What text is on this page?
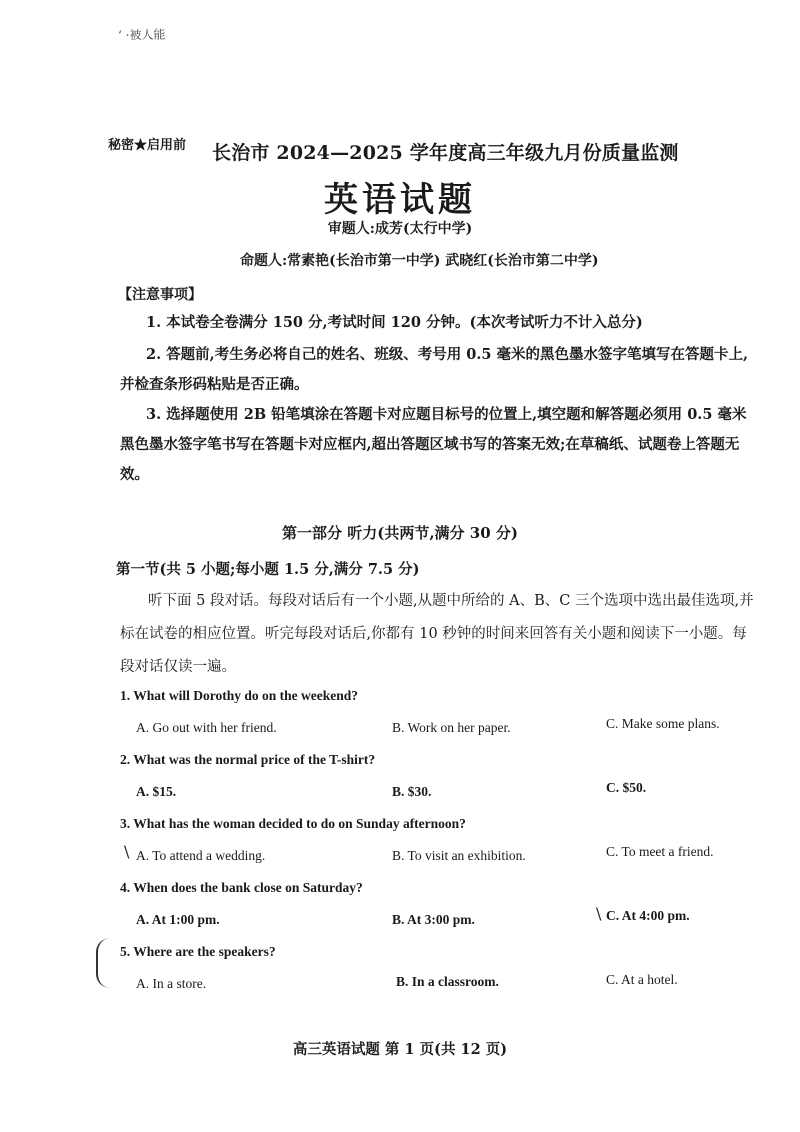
‘ ·被人能
秘密★启用前 长治市 2024—2025 学年度高三年级九月份质量监测
英语试题
审题人:成芳(太行中学)
命题人:常素艳(长治市第一中学) 武晓红(长治市第二中学)
【注意事项】
1. 本试卷全卷满分 150 分,考试时间 120 分钟。(本次考试听力不计入总分)
2. 答题前,考生务必将自己的姓名、班级、考号用 0.5 毫米的黑色墨水签字笔填写在答题卡上,并检查条形码粘贴是否正确。
3. 选择题使用 2B 铅笔填涂在答题卡对应题目标号的位置上,填空题和解答题必须用 0.5 毫米黑色墨水签字笔书写在答题卡对应框内,超出答题区域书写的答案无效;在草稿纸、试题卷上答题无效。
第一部分 听力(共两节,满分 30 分)
第一节(共 5 小题;每小题 1.5 分,满分 7.5 分)
听下面 5 段对话。每段对话后有一个小题,从题中所给的 A、B、C 三个选项中选出最佳选项,并标在试卷的相应位置。听完每段对话后,你都有 10 秒钟的时间来回答有关小题和阅读下一小题。每段对话仅读一遍。
1. What will Dorothy do on the weekend?
A. Go out with her friend.	B. Work on her paper.	C. Make some plans.
2. What was the normal price of the T-shirt?
A. $15.	B. $30.	C. $50.
3. What has the woman decided to do on Sunday afternoon?
\ A. To attend a wedding.	B. To visit an exhibition.	C. To meet a friend.
4. When does the bank close on Saturday?
A. At 1:00 pm.	B. At 3:00 pm.	\ C. At 4:00 pm.
5. Where are the speakers?
A. In a store.	B. In a classroom.	C. At a hotel.
高三英语试题 第 1 页(共 12 页)
